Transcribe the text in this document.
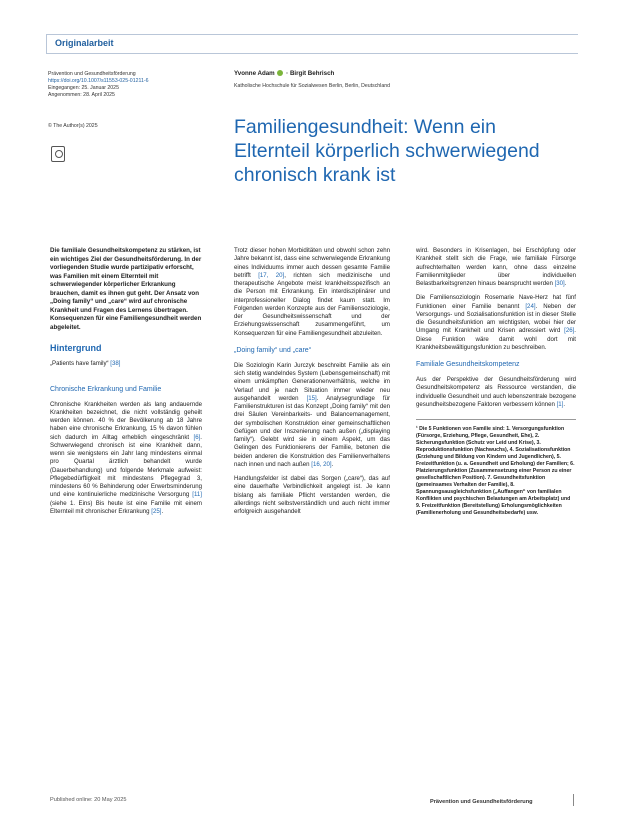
Originalarbeit
Prävention und Gesundheitsförderung
https://doi.org/10.1007/s11553-025-01211-6
Eingegangen: 25. Januar 2025
Angenommen: 28. April 2025
© The Author(s) 2025
Yvonne Adam  · Birgit Behrisch
Katholische Hochschule für Sozialwesen Berlin, Berlin, Deutschland
Familiengesundheit: Wenn ein Elternteil körperlich schwerwiegend chronisch krank ist

Die familiale Gesundheitskompetenz zu stärken, ist ein wichtiges Ziel der Gesundheitsförderung. In der vorliegenden Studie wurde partizipativ erforscht, was Familien mit einem Elternteil mit schwerwiegender körperlicher Erkrankung brauchen, damit es ihnen gut geht. Der Ansatz von „Doing family“ und „care“ wird auf chronische Krankheit und Fragen des Lernens übertragen. Konsequenzen für eine Familiengesundheit werden abgeleitet.

Hintergrund

„Patients have family“ [38]

Chronische Erkrankung und Familie

Chronische Krankheiten werden als lang andauernde Krankheiten bezeichnet, die nicht vollständig geheilt werden können. 40 % der Bevölkerung ab 18 Jahre haben eine chronische Erkrankung, 15 % davon fühlen sich dadurch im Alltag erheblich eingeschränkt [6]. Schwerwiegend chronisch ist eine Krankheit dann, wenn sie wenigstens ein Jahr lang mindestens einmal pro Quartal ärztlich behandelt wurde (Dauerbehandlung) und folgende Merkmale aufweist: Pflegebedürftigkeit mit mindestens Pflegegrad 3, mindestens 60 % Behinderung oder Erwerbsminderung und eine kontinuierliche medizinische Versorgung [11] (siehe 1. Eins) Bis heute ist eine Familie mit einem Elternteil mit chronischer Erkrankung [25].

Trotz dieser hohen Morbiditäten und obwohl schon zehn Jahre bekannt ist, dass eine schwerwiegende Erkrankung eines Individuums immer auch dessen gesamte Familie betrifft [17, 20], richten sich medizinische und therapeutische Angebote meist krankheitsspezifisch an die Person mit Erkrankung. Ein interdisziplinärer und interprofessioneller Dialog findet kaum statt. Im Folgenden werden Konzepte aus der Familiensoziologie, der Gesundheitswissenschaft und der Erziehungswissenschaft zusammengeführt, um Konsequenzen für eine Familiengesundheit abzuleiten.

„Doing family“ und „care“

Die Soziologin Karin Jurczyk beschreibt Familie als ein sich stetig wandelndes System (Lebensgemeinschaft) mit einem umkämpften Generationenverhältnis, welche im Verlauf und je nach Situation immer wieder neu ausgehandelt werden [15]. Analysegrundlage für Familienstrukturen ist das Konzept „Doing family“ mit den drei Säulen Vereinbarkeits- und Balancemanagement, der symbolischen Konstruktion einer gemeinschaftlichen Gefügen und der Inszenierung nach außen („displaying family“). Gelebt wird sie in einem Aspekt, um das Gelingen des Funktionierens der Familie, betonen die beiden anderen die Konstruktion des Familienverhaltens nach innen und nach außen [16, 20].

Handlungsfelder ist dabei das Sorgen („care“), das auf eine dauerhafte Verbindlichkeit angelegt ist. Je kann bislang als familiale Pflicht verstanden werden, die allerdings nicht selbstverständlich und auch nicht immer erfolgreich ausgehandelt

wird. Besonders in Krisenlagen, bei Erschöpfung oder Krankheit stellt sich die Frage, wie familiale Fürsorge aufrechterhalten werden kann, ohne dass einzelne Familienmitglieder über individuellen Belastbarkeitsgrenzen hinaus beansprucht werden [30].

Die Familiensoziologin Rosemarie Nave-Herz hat fünf Funktionen einer Familie benannt [24]. Neben der Versorgungs- und Sozialisationsfunktion ist in dieser Stelle die Gesundheitsfunktion am wichtigsten, wobei hier der Umgang mit Krankheit und Krisen adressiert wird [26]. Diese Funktion wäre damit wohl dort mit Krankheitsbewältigungsfunktion zu beschreiben.

Familiale Gesundheitskompetenz

Aus der Perspektive der Gesundheitsförderung wird Gesundheitskompetenz als Ressource verstanden, die individuelle Gesundheit und auch lebenszentrale bezogene gesundheitsbezogene Faktoren verbessern können [1].

¹ Die 5 Funktionen von Familie sind: 1. Versorgungsfunktion (Fürsorge, Erziehung, Pflege, Gesundheit, Ehe), 2. Sicherungsfunktion (Schutz vor Leid und Krise), 3. Reproduktionsfunktion (Nachwuchs), 4. Sozialisationsfunktion (Erziehung und Bildung von Kindern und Jugendlichen), 5. Freizeitfunktion (u. a. Gesundheit und Erholung) der Familien; 6. Platzierungsfunktion (Zusammensetzung einer Person zu einer gesellschaftlichen Position). 7. Gesundheitsfunktion (gemeinsames Verhalten der Familie), 8. Spannungsausgleichsfunktion („Auffangen“ von familialen Konflikten und psychischen Belastungen am Arbeitsplatz) und 9. Freizeitfunktion (Bereitstellung) Erholungsmöglichkeiten (Familienerholung und Gesundheitsbedarfe) usw.
Published online: 20 May 2025	Prävention und Gesundheitsförderung
